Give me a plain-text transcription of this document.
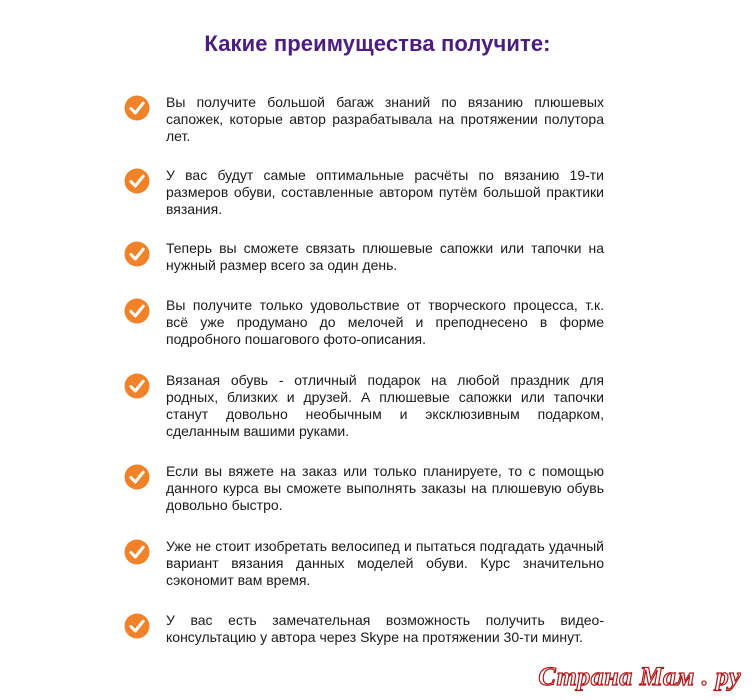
Какие преимущества получите:

Вы получите большой багаж знаний по вязанию плюшевых сапожек, которые автор разрабатывала на протяжении полутора лет.

У вас будут самые оптимальные расчёты по вязанию 19-ти размеров обуви, составленные автором путём большой практики вязания.

Теперь вы сможете связать плюшевые сапожки или тапочки на нужный размер всего за один день.

Вы получите только удовольствие от творческого процесса, т.к. всё уже продумано до мелочей и преподнесено в форме подробного пошагового фото-описания.

Вязаная обувь - отличный подарок на любой праздник для родных, близких и друзей. А плюшевые сапожки или тапочки станут довольно необычным и эксклюзивным подарком, сделанным вашими руками.

Если вы вяжете на заказ или только планируете, то с помощью данного курса вы сможете выполнять заказы на плюшевую обувь довольно быстро.

Уже не стоит изобретать велосипед и пытаться подгадать удачный вариант вязания данных моделей обуви. Курс значительно сэкономит вам время.

У вас есть замечательная возможность получить видео-консультацию у автора через Skype на протяжении 30-ти минут.

Страна Мам . ру
